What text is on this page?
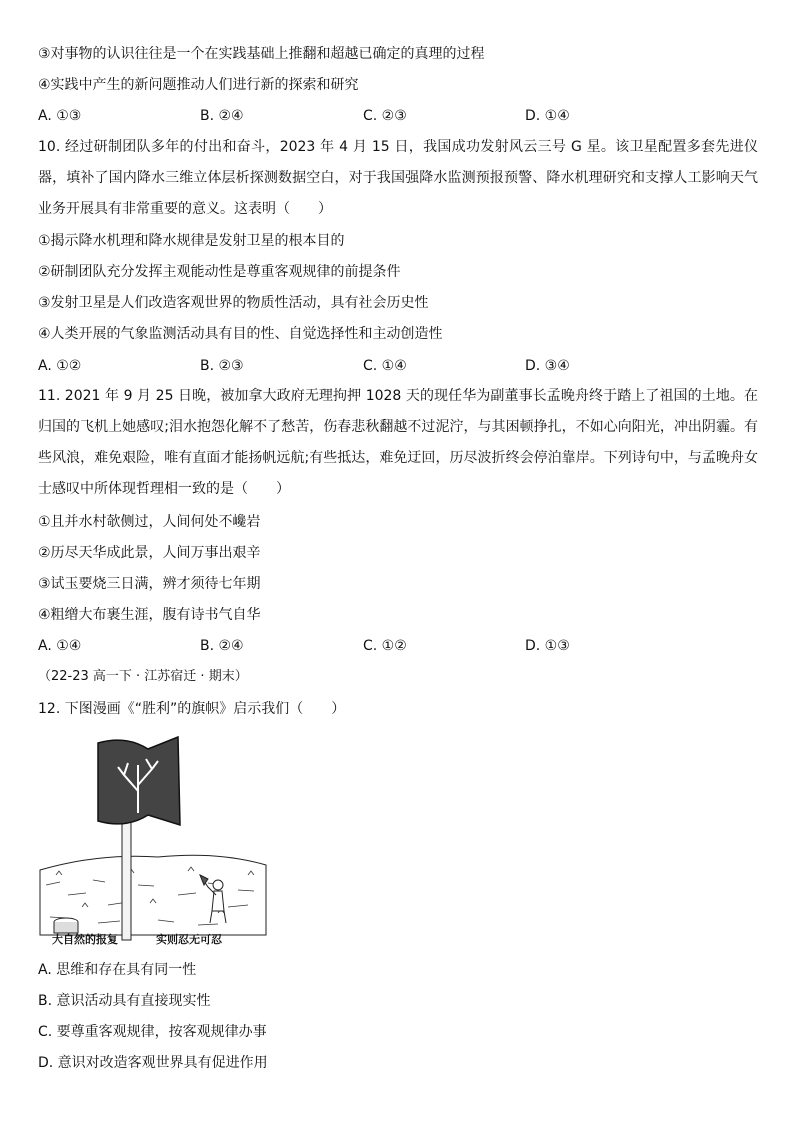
③对事物的认识往往是一个在实践基础上推翻和超越已确定的真理的过程
④实践中产生的新问题推动人们进行新的探索和研究
A. ①③	B. ②④	C. ②③	D. ①④
10. 经过研制团队多年的付出和奋斗，2023 年 4 月 15 日，我国成功发射风云三号 G 星。该卫星配置多套先进仪器，填补了国内降水三维立体层析探测数据空白，对于我国强降水监测预报预警、降水机理研究和支撑人工影响天气业务开展具有非常重要的意义。这表明（　　）
①揭示降水机理和降水规律是发射卫星的根本目的
②研制团队充分发挥主观能动性是尊重客观规律的前提条件
③发射卫星是人们改造客观世界的物质性活动，具有社会历史性
④人类开展的气象监测活动具有目的性、自觉选择性和主动创造性
A. ①②	B. ②③	C. ①④	D. ③④
11. 2021 年 9 月 25 日晚，被加拿大政府无理拘押 1028 天的现任华为副董事长孟晚舟终于踏上了祖国的土地。在归国的飞机上她感叹;泪水抱怨化解不了愁苦，伤春悲秋翻越不过泥泞，与其困顿挣扎，不如心向阳光，冲出阴霾。有些风浪，难免艰险，唯有直面才能扬帆远航;有些抵达，难免迂回，历尽波折终会停泊靠岸。下列诗句中，与孟晚舟女士感叹中所体现哲理相一致的是（　　）
①且并水村欹侧过，人间何处不巉岩
②历尽天华成此景，人间万事出艰辛
③试玉要烧三日满，辨才须待七年期
④粗缯大布裹生涯，腹有诗书气自华
A. ①④	B. ②④	C. ①②	D. ①③
（22-23 高一下 · 江苏宿迁 · 期末）
12. 下图漫画《“胜利”的旗帜》启示我们（　　）
大自然的报复	实则忍无可忍
A. 思维和存在具有同一性
B. 意识活动具有直接现实性
C. 要尊重客观规律，按客观规律办事
D. 意识对改造客观世界具有促进作用
